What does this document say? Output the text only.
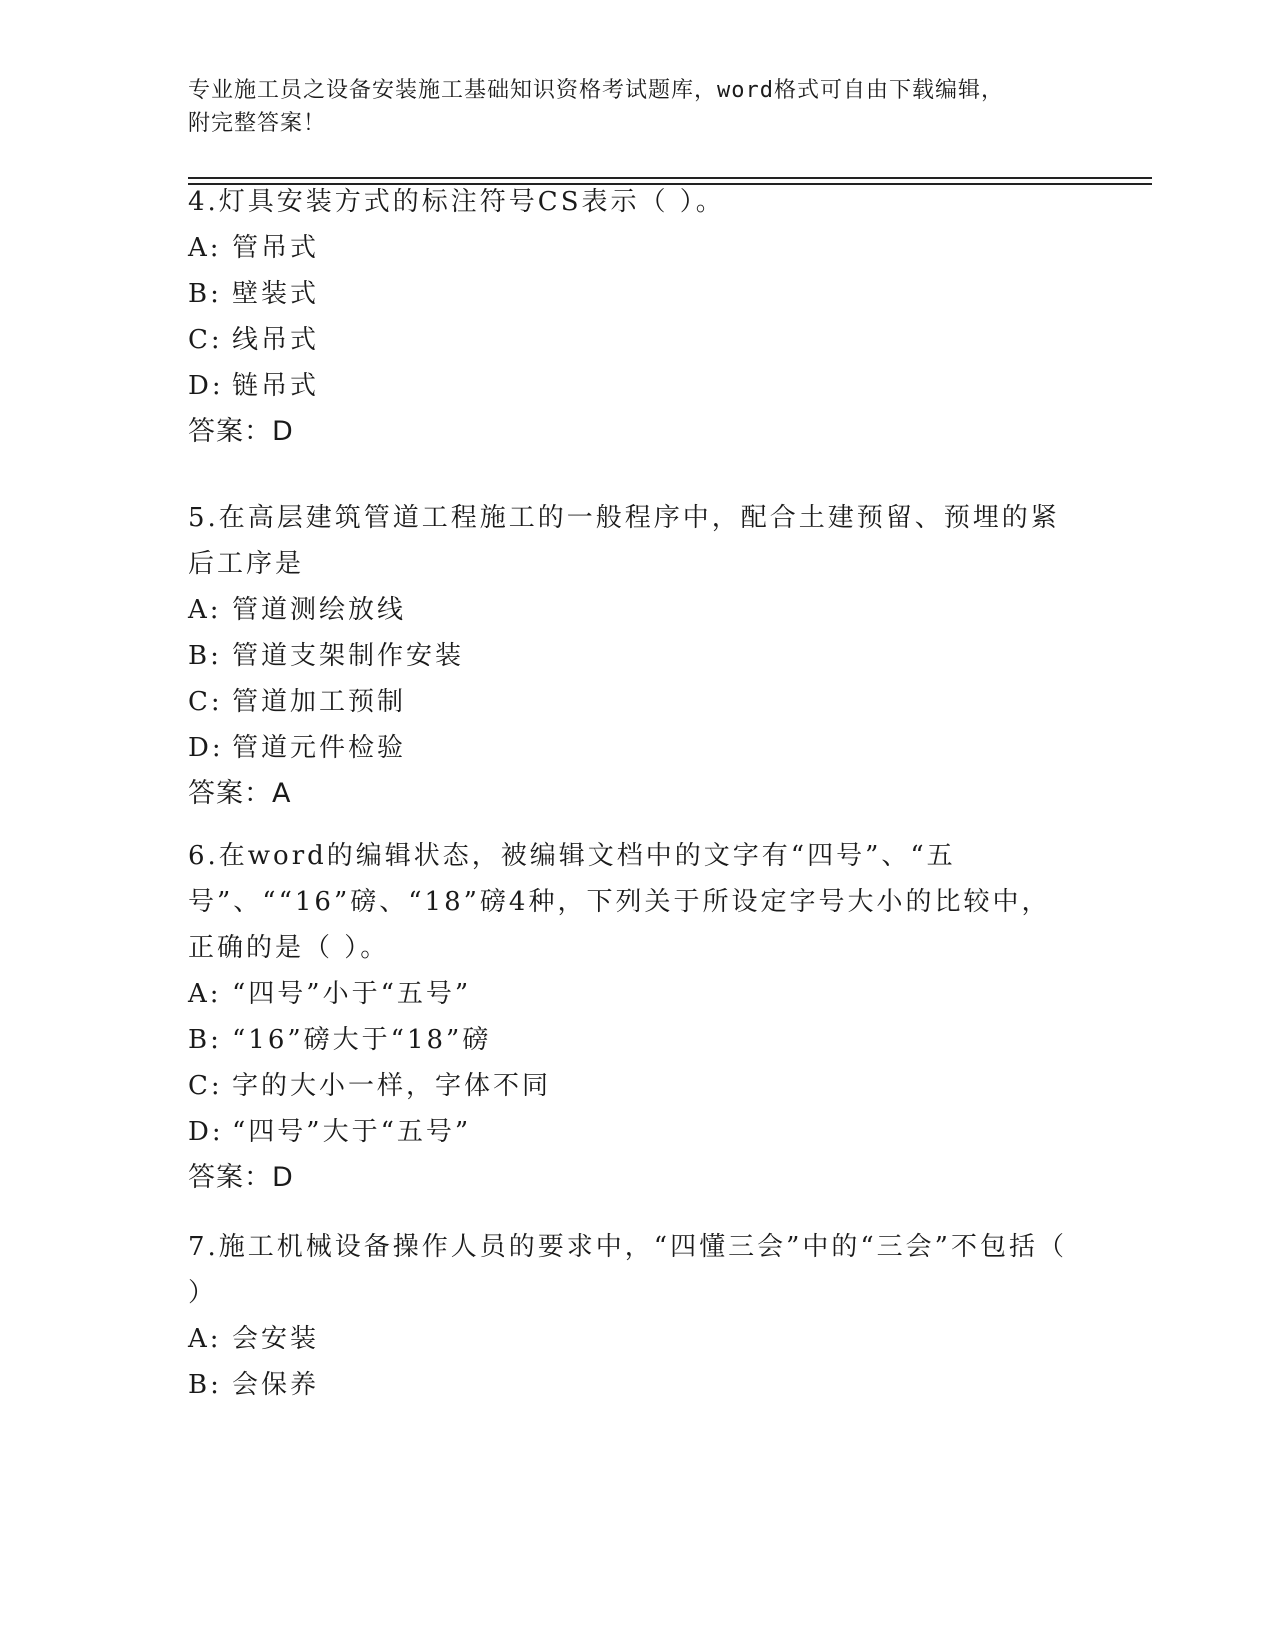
专业施工员之设备安装施工基础知识资格考试题库，word格式可自由下载编辑，
附完整答案！
4.灯具安装方式的标注符号CS表示（ ）。
A: 管吊式
B: 壁装式
C: 线吊式
D: 链吊式
答案：D
5.在高层建筑管道工程施工的一般程序中，配合土建预留、预埋的紧后工序是
A: 管道测绘放线
B: 管道支架制作安装
C: 管道加工预制
D: 管道元件检验
答案：A
6.在word的编辑状态，被编辑文档中的文字有“四号”、“五号”、““16”磅、“18”磅4种，下列关于所设定字号大小的比较中，正确的是（ ）。
A: “四号”小于“五号”
B: “16”磅大于“18”磅
C: 字的大小一样，字体不同
D: “四号”大于“五号”
答案：D
7.施工机械设备操作人员的要求中，“四懂三会”中的“三会”不包括（ ）
A: 会安装
B: 会保养
